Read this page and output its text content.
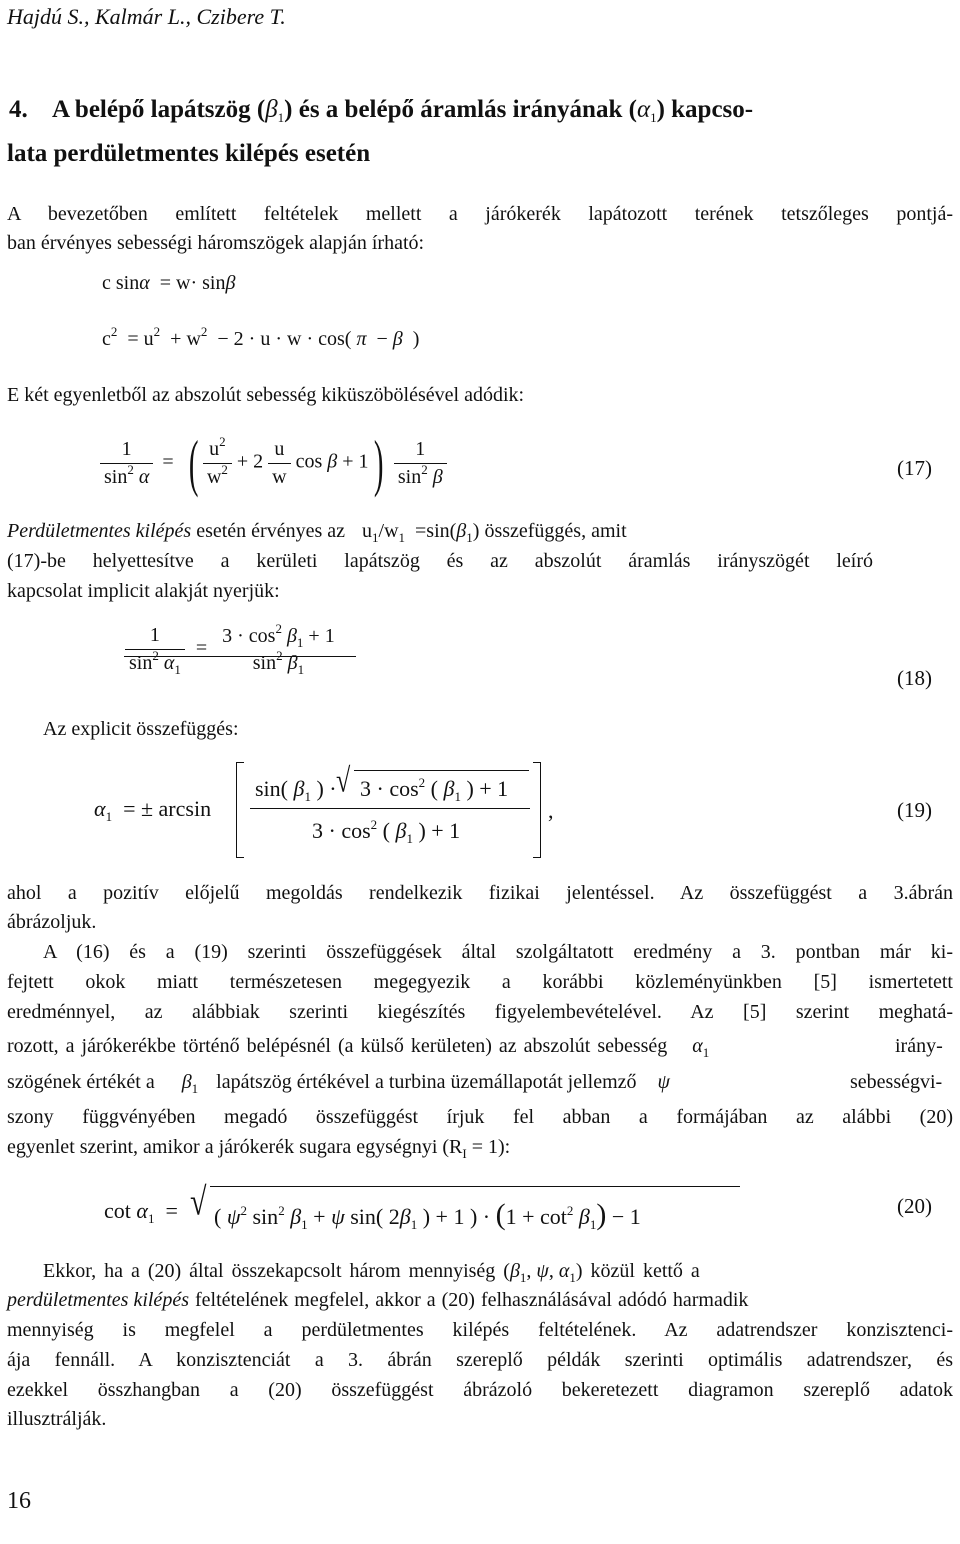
Hajdú S., Kalmár L., Czibere T.
4. A belépő lapátszög $(\beta_1)$ és a belépő áramlás irányának $(\alpha_1)$ kapcso-
lata perdületmentes kilépés esetén
A bevezetőben említett feltételek mellett a járókerék lapátozott terének tetszőleges pontjá-
ban érvényes sebességi háromszögek alapján írható:
c sinα  = w· sinβ
$c^2 = u^2 + w^2 - 2 \cdot u \cdot w \cdot \cos$( π  − β  )
E két egyenletből az abszolút sebesség kiküszöbölésével adódik:
$\frac{1}{\sin^2 \alpha}$ = ( $\frac{u^2}{w^2} + 2 \frac{u}{w}$ cos β + 1 ) $\frac{1}{\sin^2 \beta}$	(17)
Perdületmentes kilépés esetén érvényes az $u_1/w_1 =\sin(\beta_1)$ összefüggés, amit
(17)-be helyettesítve a kerületi lapátszög és az abszolút áramlás irányszögét leíró
kapcsolat implicit alakját nyerjük:
$\frac{1}{\sin^2 \alpha_1}$ =
$3 \cdot \cos^2 \beta_1 + 1$
$\sin^2 \beta_1$	(18)
Az explicit összefüggés:
$\alpha_1$  = ± arcsin
sin( $\beta_1$ ) · √ $3 \cdot \cos^2$ ( $\beta_1$ ) + 1
$3 \cdot \cos^2$ ( $\beta_1$ ) + 1
,	(19)
ahol a pozitív előjelű megoldás rendelkezik fizikai jelentéssel. Az összefüggést a 3.ábrán
ábrázoljuk.
A (16) és a (19) szerinti összefüggések által szolgáltatott eredmény a 3. pontban már ki-
fejtett okok miatt természetesen megegyezik a korábbi közleményünkben [5] ismertetett
eredménnyel, az alábbiak szerinti kiegészítés figyelembevételével. Az [5] szerint meghatá-
rozott, a járókerékbe történő belépésnél (a külső kerületen) az abszolút sebesség $\alpha_1$	irány-
szögének értékét a $\beta_1$ lapátszög értékével a turbina üzemállapotát jellemző ψ	sebességvi-
szony függvényében megadó összefüggést írjuk fel abban a formájában az alábbi (20)
egyenlet szerint, amikor a járókerék sugara egységnyi $(R_I = 1)$:
$\cot \alpha_1$  = √ ( $\psi^2$ $\sin^2 \beta_1 + \psi$ sin( $2\beta_1$ ) + 1 ) · $(1 + \cot^2 \beta_1) - 1$	(20)
Ekkor, ha a (20) által összekapcsolt három mennyiség ($\beta_1$, ψ, $\alpha_1$) közül kettő a
perdületmentes kilépés feltételének megfelel, akkor a (20) felhasználásával adódó harmadik
mennyiség is megfelel a perdületmentes kilépés feltételének. Az adatrendszer konzisztenci-
ája fennáll. A konzisztenciát a 3. ábrán szereplő példák szerinti optimális adatrendszer, és
ezekkel összhangban a (20) összefüggést ábrázoló bekeretezett diagramon szereplő adatok
illusztrálják.
16
